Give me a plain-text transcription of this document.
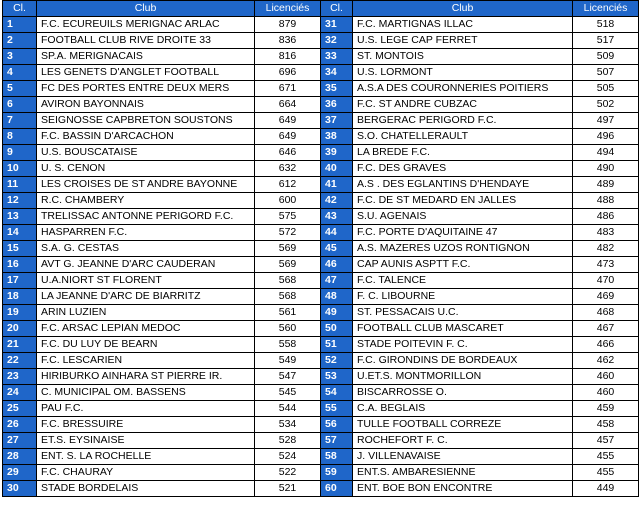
Cl.	Club	Licenciés	Cl.	Club	Licenciés
1	F.C. ECUREUILS MERIGNAC ARLAC	879	31	F.C. MARTIGNAS ILLAC	518
2	FOOTBALL CLUB RIVE DROITE 33	836	32	U.S. LEGE CAP FERRET	517
3	SP.A. MERIGNACAIS	816	33	ST. MONTOIS	509
4	LES GENETS D'ANGLET FOOTBALL	696	34	U.S. LORMONT	507
5	FC DES PORTES ENTRE DEUX MERS	671	35	A.S.A DES COURONNERIES POITIERS	505
6	AVIRON BAYONNAIS	664	36	F.C. ST ANDRE CUBZAC	502
7	SEIGNOSSE CAPBRETON SOUSTONS	649	37	BERGERAC PERIGORD F.C.	497
8	F.C. BASSIN D'ARCACHON	649	38	S.O. CHATELLERAULT	496
9	U.S. BOUSCATAISE	646	39	LA BREDE F.C.	494
10	U. S. CENON	632	40	F.C. DES GRAVES	490
11	LES CROISES DE ST ANDRE BAYONNE	612	41	A.S . DES EGLANTINS D'HENDAYE	489
12	R.C. CHAMBERY	600	42	F.C. DE ST MEDARD EN JALLES	488
13	TRELISSAC ANTONNE PERIGORD F.C.	575	43	S.U. AGENAIS	486
14	HASPARREN F.C.	572	44	F.C. PORTE D'AQUITAINE 47	483
15	S.A. G. CESTAS	569	45	A.S. MAZERES UZOS RONTIGNON	482
16	AVT G. JEANNE D'ARC CAUDERAN	569	46	CAP AUNIS ASPTT F.C.	473
17	U.A.NIORT ST FLORENT	568	47	F.C. TALENCE	470
18	LA JEANNE D'ARC DE BIARRITZ	568	48	F. C. LIBOURNE	469
19	ARIN LUZIEN	561	49	ST. PESSACAIS U.C.	468
20	F.C. ARSAC LEPIAN MEDOC	560	50	FOOTBALL CLUB MASCARET	467
21	F.C. DU LUY DE BEARN	558	51	STADE POITEVIN F. C.	466
22	F.C. LESCARIEN	549	52	F.C. GIRONDINS DE BORDEAUX	462
23	HIRIBURKO AINHARA ST PIERRE IR.	547	53	U.ET.S. MONTMORILLON	460
24	C. MUNICIPAL OM. BASSENS	545	54	BISCARROSSE O.	460
25	PAU F.C.	544	55	C.A. BEGLAIS	459
26	F.C. BRESSUIRE	534	56	TULLE FOOTBALL CORREZE	458
27	ET.S. EYSINAISE	528	57	ROCHEFORT F. C.	457
28	ENT. S. LA ROCHELLE	524	58	J. VILLENAVAISE	455
29	F.C. CHAURAY	522	59	ENT.S. AMBARESIENNE	455
30	STADE BORDELAIS	521	60	ENT. BOE BON ENCONTRE	449
